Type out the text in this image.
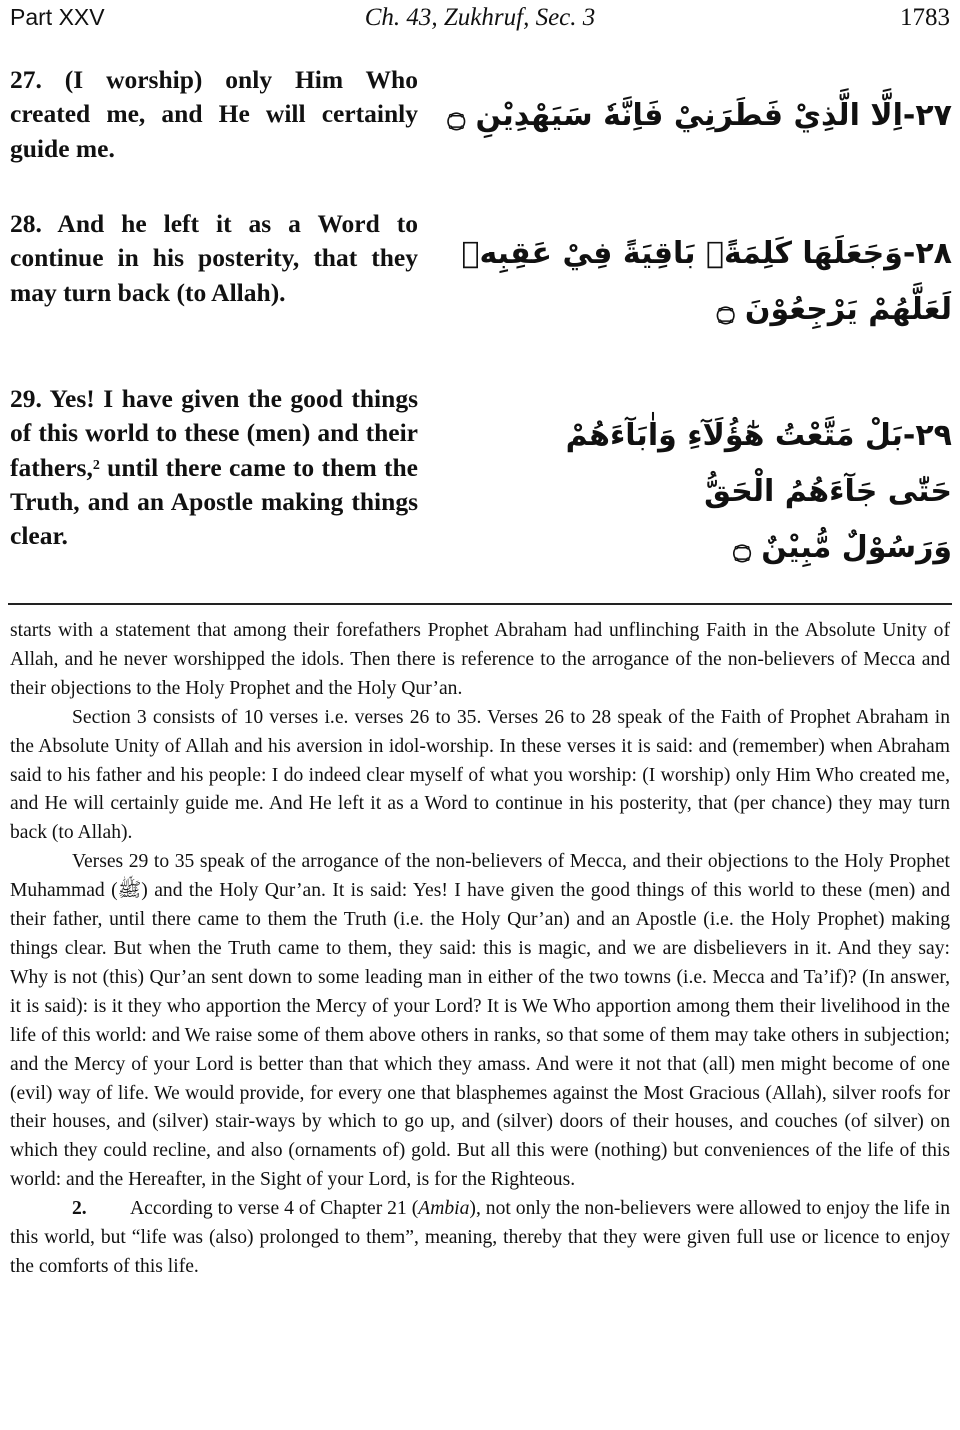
Part XXV	Ch. 43, Zukhruf, Sec. 3	1783
27. (I worship) only Him Who created me, and He will certainly guide me.
٢٧-اِلَّا الَّذِيْ فَطَرَنِيْ فَاِنَّهٗ سَيَهْدِيْنِ ۝
28. And he left it as a Word to continue in his posterity, that they may turn back (to Allah).
٢٨-وَجَعَلَهَا كَلِمَةًۢ بَاقِيَةً فِيْ عَقِبِهٖ
لَعَلَّهُمْ يَرْجِعُوْنَ ۝
29. Yes! I have given the good things of this world to these (men) and their fathers,$^2$ until there came to them the Truth, and an Apostle making things clear.
٢٩-بَلْ مَتَّعْتُ هٰٓؤُلَآءِ وَاٰبَآءَهُمْ
حَتّٰى جَآءَهُمُ الْحَقُّ
وَرَسُوْلٌ مُّبِيْنٌ ۝

starts with a statement that among their forefathers Prophet Abraham had unflinching Faith in the Absolute Unity of Allah, and he never worshipped the idols. Then there is reference to the arrogance of the non-believers of Mecca and their objections to the Holy Prophet and the Holy Qur’an.

Section 3 consists of 10 verses i.e. verses 26 to 35. Verses 26 to 28 speak of the Faith of Prophet Abraham in the Absolute Unity of Allah and his aversion in idol-worship. In these verses it is said: and (remember) when Abraham said to his father and his people: I do indeed clear myself of what you worship: (I worship) only Him Who created me, and He will certainly guide me. And He left it as a Word to continue in his posterity, that (per chance) they may turn back (to Allah).

Verses 29 to 35 speak of the arrogance of the non-believers of Mecca, and their objections to the Holy Prophet Muhammad (ﷺ) and the Holy Qur’an. It is said: Yes! I have given the good things of this world to these (men) and their father, until there came to them the Truth (i.e. the Holy Qur’an) and an Apostle (i.e. the Holy Prophet) making things clear. But when the Truth came to them, they said: this is magic, and we are disbelievers in it. And they say: Why is not (this) Qur’an sent down to some leading man in either of the two towns (i.e. Mecca and Ta’if)? (In answer, it is said): is it they who apportion the Mercy of your Lord? It is We Who apportion among them their livelihood in the life of this world: and We raise some of them above others in ranks, so that some of them may take others in subjection; and the Mercy of your Lord is better than that which they amass. And were it not that (all) men might become of one (evil) way of life. We would provide, for every one that blasphemes against the Most Gracious (Allah), silver roofs for their houses, and (silver) stair-ways by which to go up, and (silver) doors of their houses, and couches (of silver) on which they could recline, and also (ornaments of) gold. But all this were (nothing) but conveniences of the life of this world: and the Hereafter, in the Sight of your Lord, is for the Righteous.

2. According to verse 4 of Chapter 21 (Ambia), not only the non-believers were allowed to enjoy the life in this world, but “life was (also) prolonged to them”, meaning, thereby that they were given full use or licence to enjoy the comforts of this life.
